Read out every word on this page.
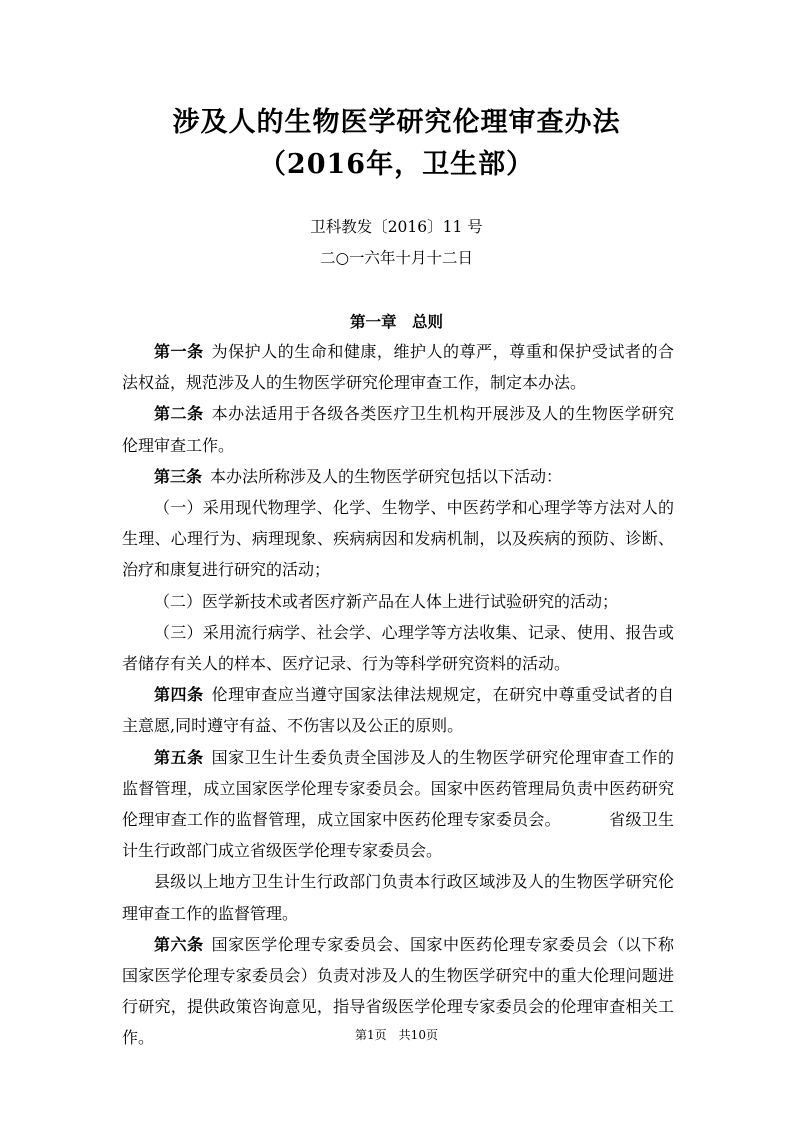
涉及人的生物医学研究伦理审查办法
（2016年，卫生部）
卫科教发〔2016〕11 号
二○一六年十月十二日
第一章　总则

第一条 为保护人的生命和健康，维护人的尊严，尊重和保护受试者的合法权益，规范涉及人的生物医学研究伦理审查工作，制定本办法。

第二条 本办法适用于各级各类医疗卫生机构开展涉及人的生物医学研究伦理审查工作。

第三条 本办法所称涉及人的生物医学研究包括以下活动：

（一）采用现代物理学、化学、生物学、中医药学和心理学等方法对人的生理、心理行为、病理现象、疾病病因和发病机制，以及疾病的预防、诊断、治疗和康复进行研究的活动；

（二）医学新技术或者医疗新产品在人体上进行试验研究的活动；

（三）采用流行病学、社会学、心理学等方法收集、记录、使用、报告或者储存有关人的样本、医疗记录、行为等科学研究资料的活动。

第四条 伦理审查应当遵守国家法律法规规定，在研究中尊重受试者的自主意愿,同时遵守有益、不伤害以及公正的原则。

第五条 国家卫生计生委负责全国涉及人的生物医学研究伦理审查工作的监督管理，成立国家医学伦理专家委员会。国家中医药管理局负责中医药研究伦理审查工作的监督管理，成立国家中医药伦理专家委员会。	省级卫生计生行政部门成立省级医学伦理专家委员会。

县级以上地方卫生计生行政部门负责本行政区域涉及人的生物医学研究伦理审查工作的监督管理。

第六条 国家医学伦理专家委员会、国家中医药伦理专家委员会（以下称国家医学伦理专家委员会）负责对涉及人的生物医学研究中的重大伦理问题进行研究，提供政策咨询意见，指导省级医学伦理专家委员会的伦理审查相关工作。	第1页　共10页
